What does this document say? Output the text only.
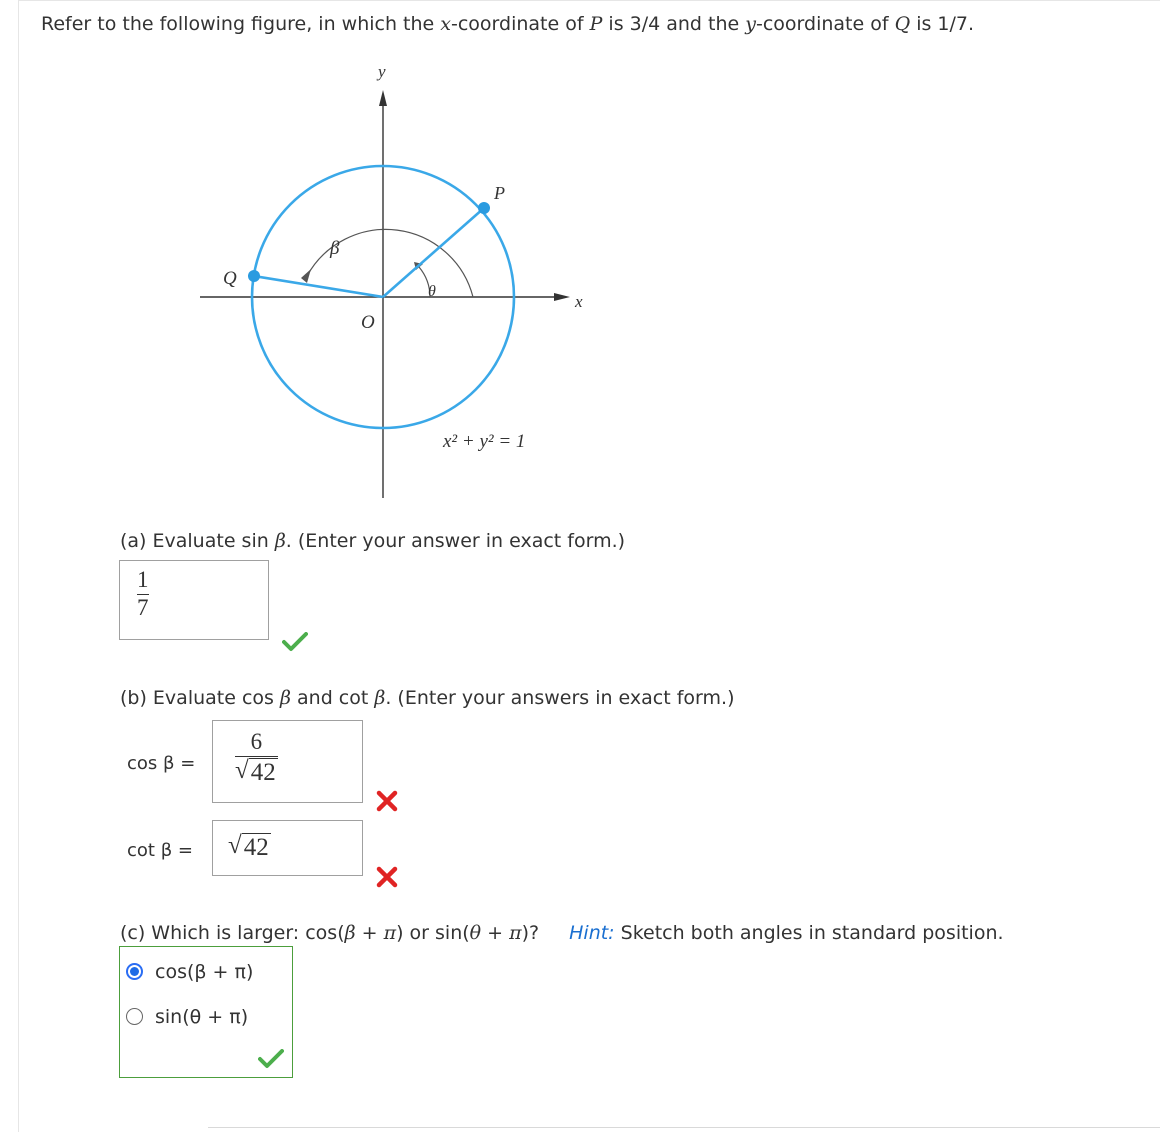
Refer to the following figure, in which the x-coordinate of P is 3/4 and the y-coordinate of Q is 1/7.
y
x
P
Q
O
β
θ
x² + y² = 1
(a) Evaluate sin β. (Enter your answer in exact form.)
1
7
(b) Evaluate cos β and cot β. (Enter your answers in exact form.)
cos β =
6
√ 42
cot β = √ 42
(c) Which is larger: cos(β + π) or sin(θ + π)? Hint: Sketch both angles in standard position.
cos(β + π)
sin(θ + π)
